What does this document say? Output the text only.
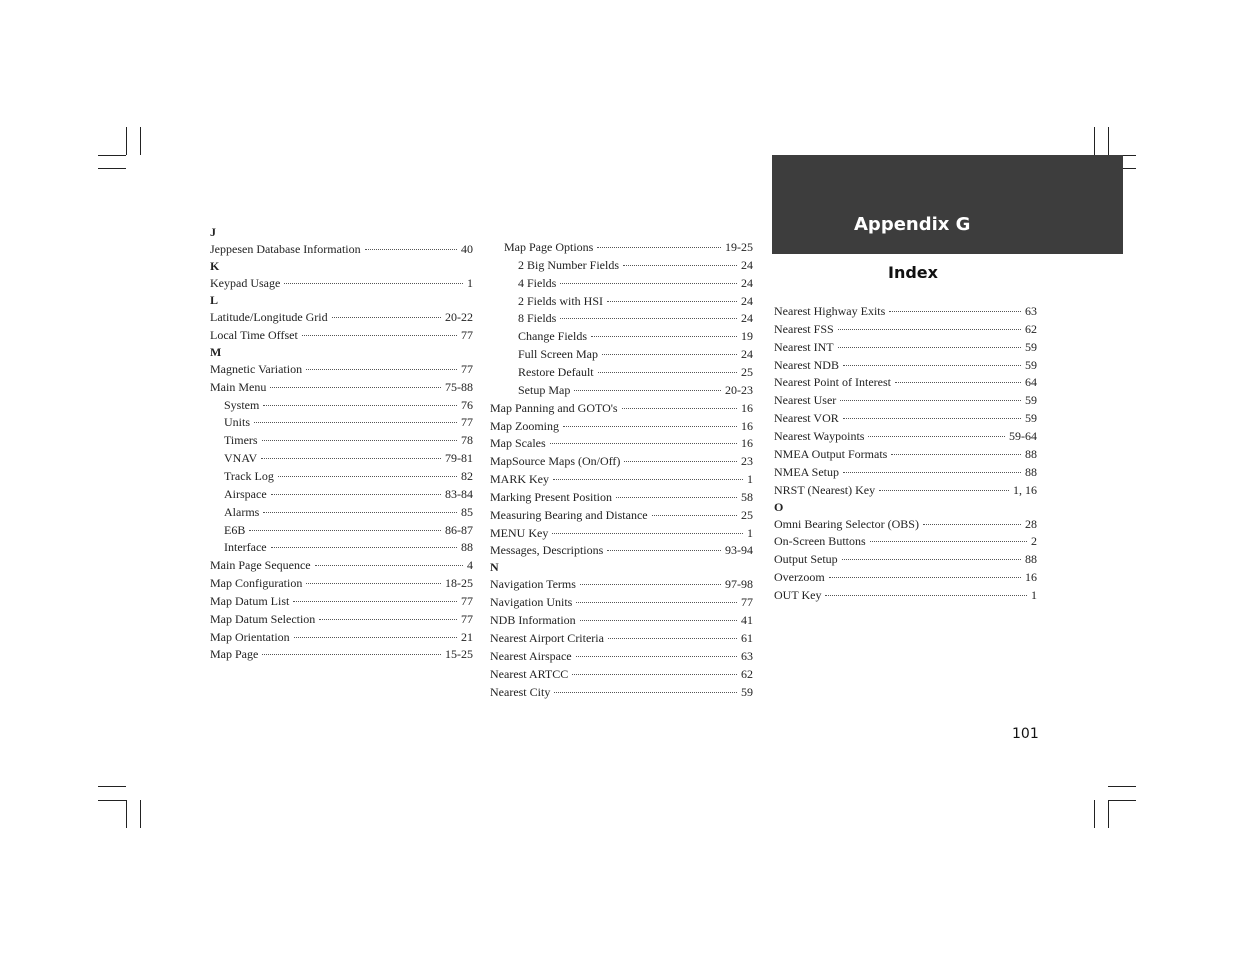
Appendix G
Index
J
Jeppesen Database Information	40
K
Keypad Usage	1
L
Latitude/Longitude Grid	20-22
Local Time Offset	77
M
Magnetic Variation	77
Main Menu	75-88
System	76
Units	77
Timers	78
VNAV	79-81
Track Log	82
Airspace	83-84
Alarms	85
E6B	86-87
Interface	88
Main Page Sequence	4
Map Configuration	18-25
Map Datum List	77
Map Datum Selection	77
Map Orientation	21
Map Page	15-25
Map Page Options	19-25
2 Big Number Fields	24
4 Fields	24
2 Fields with HSI	24
8 Fields	24
Change Fields	19
Full Screen Map	24
Restore Default	25
Setup Map	20-23
Map Panning and GOTO's	16
Map Zooming	16
Map Scales	16
MapSource Maps (On/Off)	23
MARK Key	1
Marking Present Position	58
Measuring Bearing and Distance	25
MENU Key	1
Messages, Descriptions	93-94
N
Navigation Terms	97-98
Navigation Units	77
NDB Information	41
Nearest Airport Criteria	61
Nearest Airspace	63
Nearest ARTCC	62
Nearest City	59
Nearest Highway Exits	63
Nearest FSS	62
Nearest INT	59
Nearest NDB	59
Nearest Point of Interest	64
Nearest User	59
Nearest VOR	59
Nearest Waypoints	59-64
NMEA Output Formats	88
NMEA Setup	88
NRST (Nearest) Key	1, 16
O
Omni Bearing Selector (OBS)	28
On-Screen Buttons	2
Output Setup	88
Overzoom	16
OUT Key	1
101
